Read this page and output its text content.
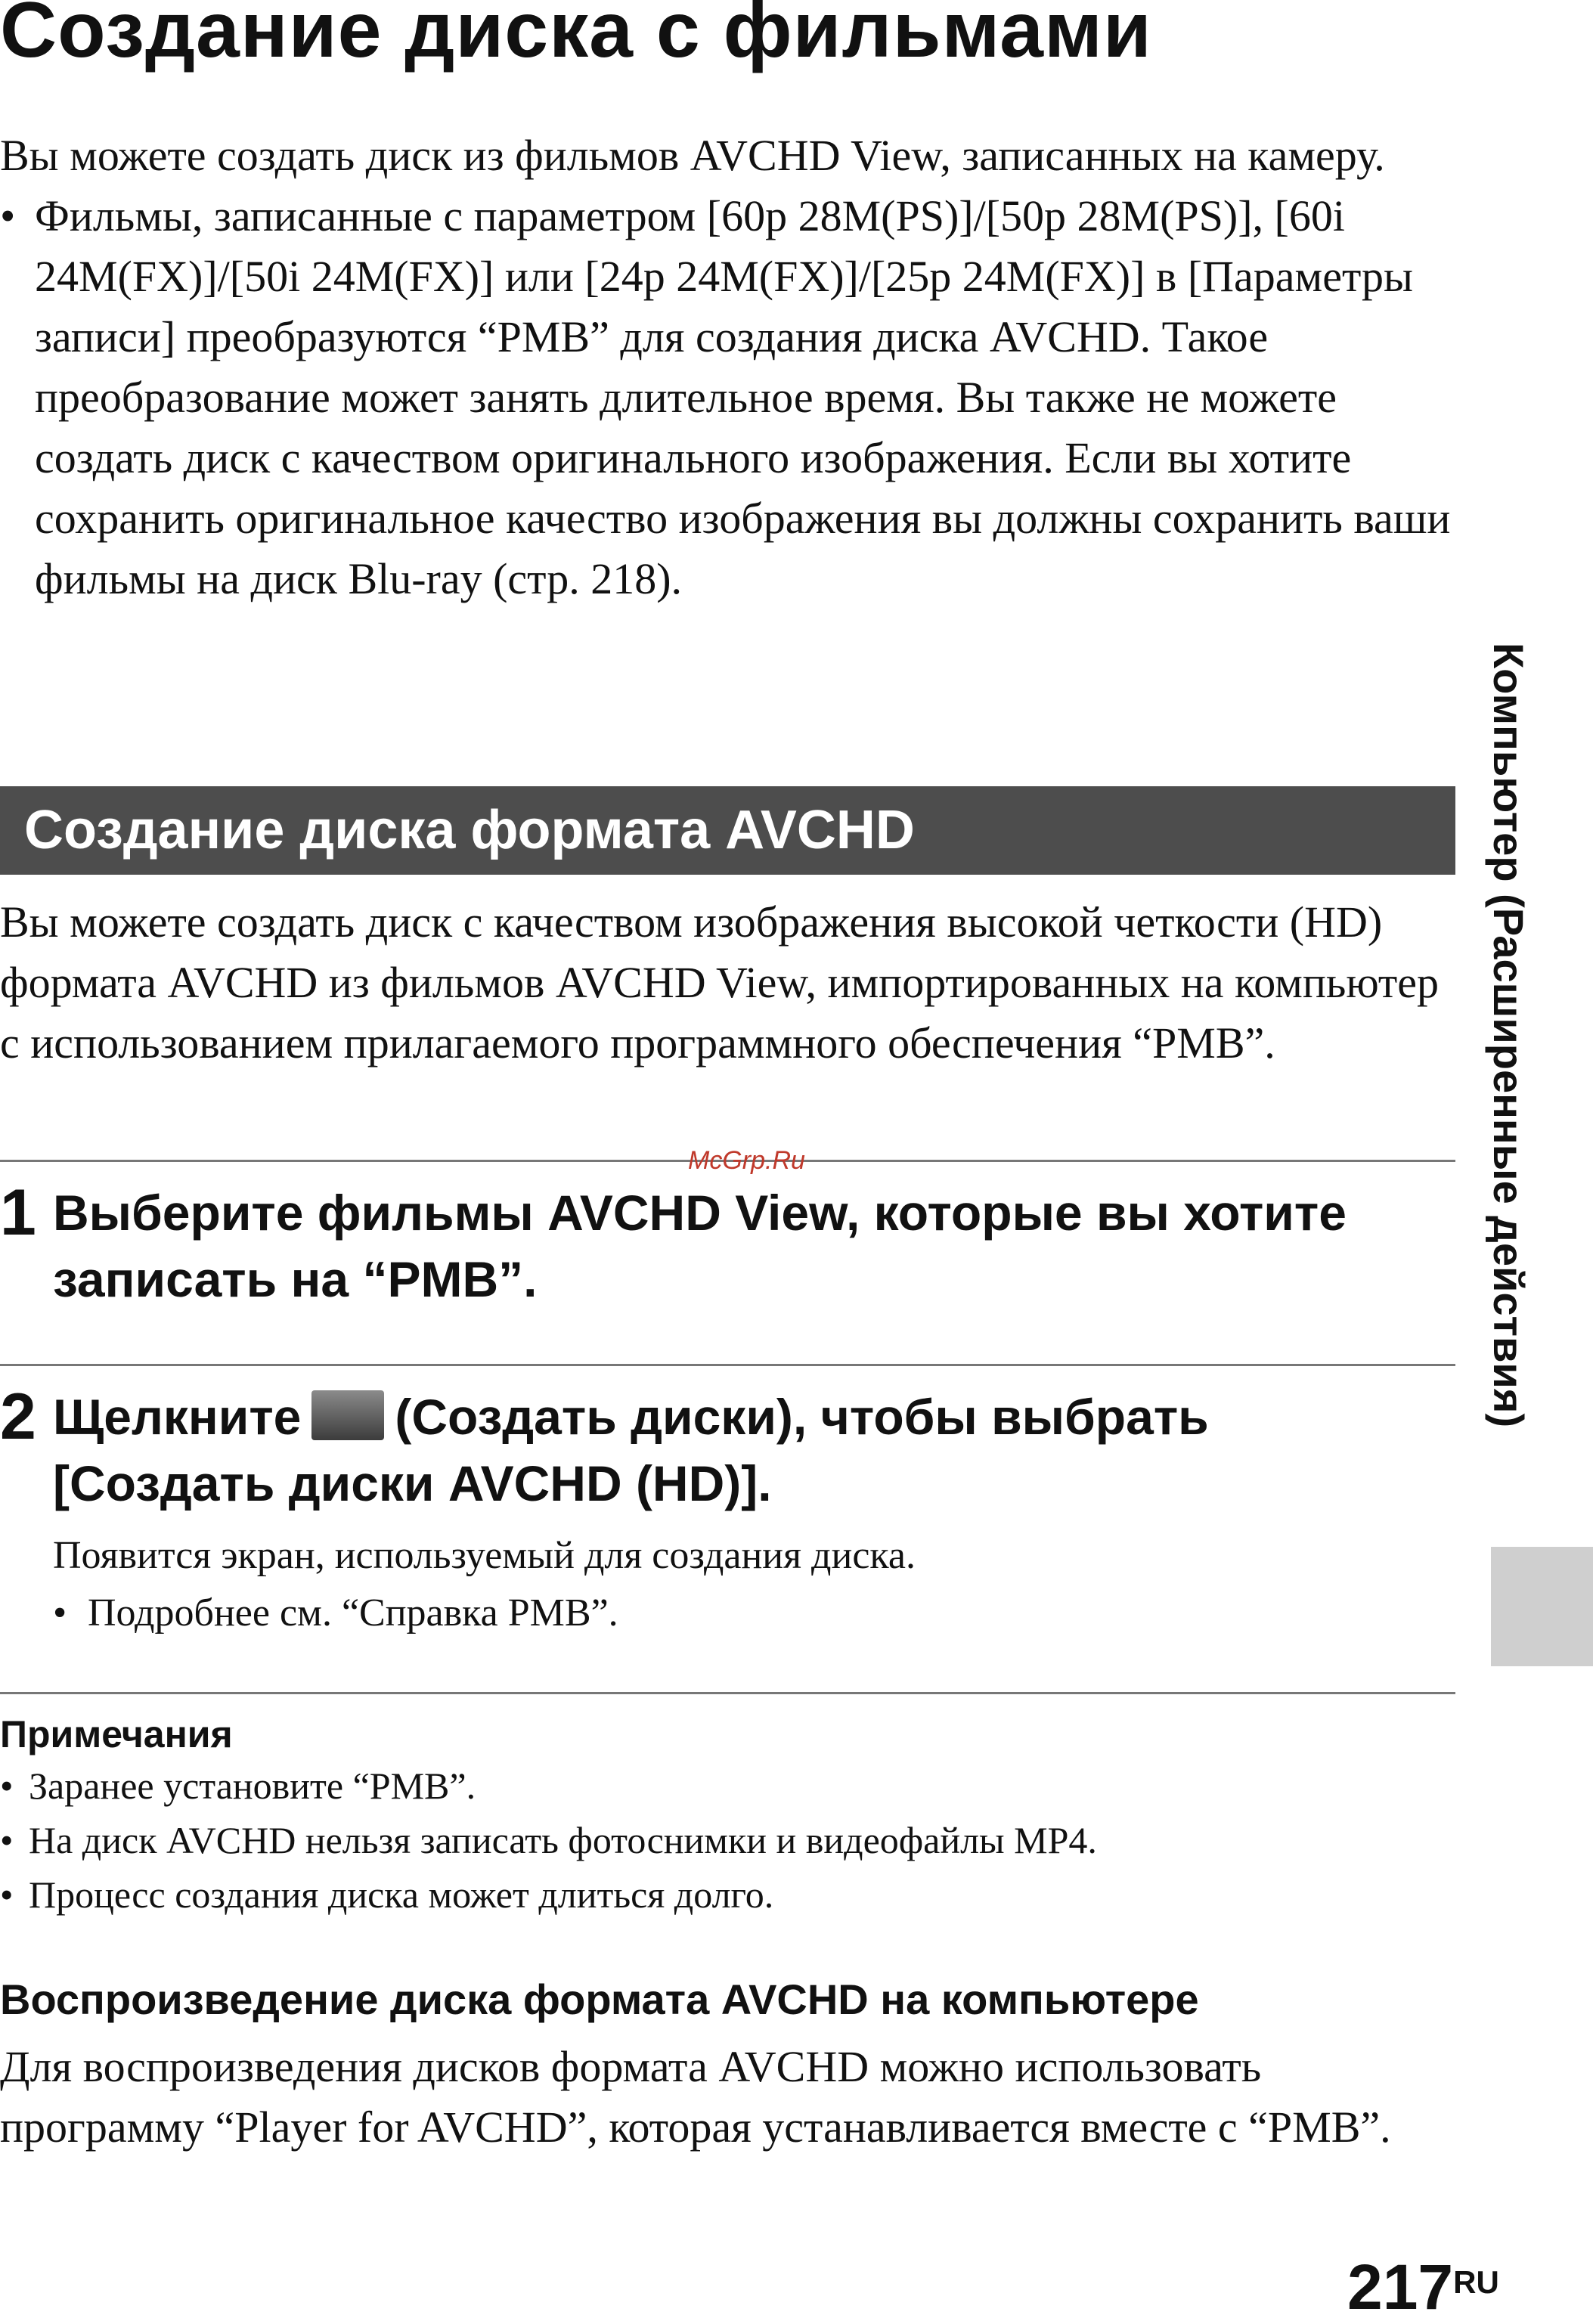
Создание диска с фильмами
Вы можете создать диск из фильмов AVCHD View, записанных на камеру.
• Фильмы, записанные с параметром [60p 28M(PS)]/[50p 28M(PS)], [60i 24M(FX)]/[50i 24M(FX)] или [24p 24M(FX)]/[25p 24M(FX)] в [Параметры записи] преобразуются “PMB” для создания диска AVCHD. Такое преобразование может занять длительное время. Вы также не можете создать диск с качеством оригинального изображения. Если вы хотите сохранить оригинальное качество изображения вы должны сохранить ваши фильмы на диск Blu-ray (стр. 218).
Создание диска формата AVCHD
Вы можете создать диск с качеством изображения высокой четкости (HD) формата AVCHD из фильмов AVCHD View, импортированных на компьютер с использованием прилагаемого программного обеспечения “PMB”.
McGrp.Ru
1 Выберите фильмы AVCHD View, которые вы хотите записать на “PMB”.
2 Щелкните (Создать диски), чтобы выбрать [Создать диски AVCHD (HD)].
Появится экран, используемый для создания диска.
• Подробнее см. “Справка PMB”.
Примечания
• Заранее установите “PMB”.
• На диск AVCHD нельзя записать фотоснимки и видеофайлы MP4.
• Процесс создания диска может длиться долго.
Воспроизведение диска формата AVCHD на компьютере
Для воспроизведения дисков формата AVCHD можно использовать программу “Player for AVCHD”, которая устанавливается вместе с “PMB”.
Компьютер (Расширенные действия)
$217^{RU}$
